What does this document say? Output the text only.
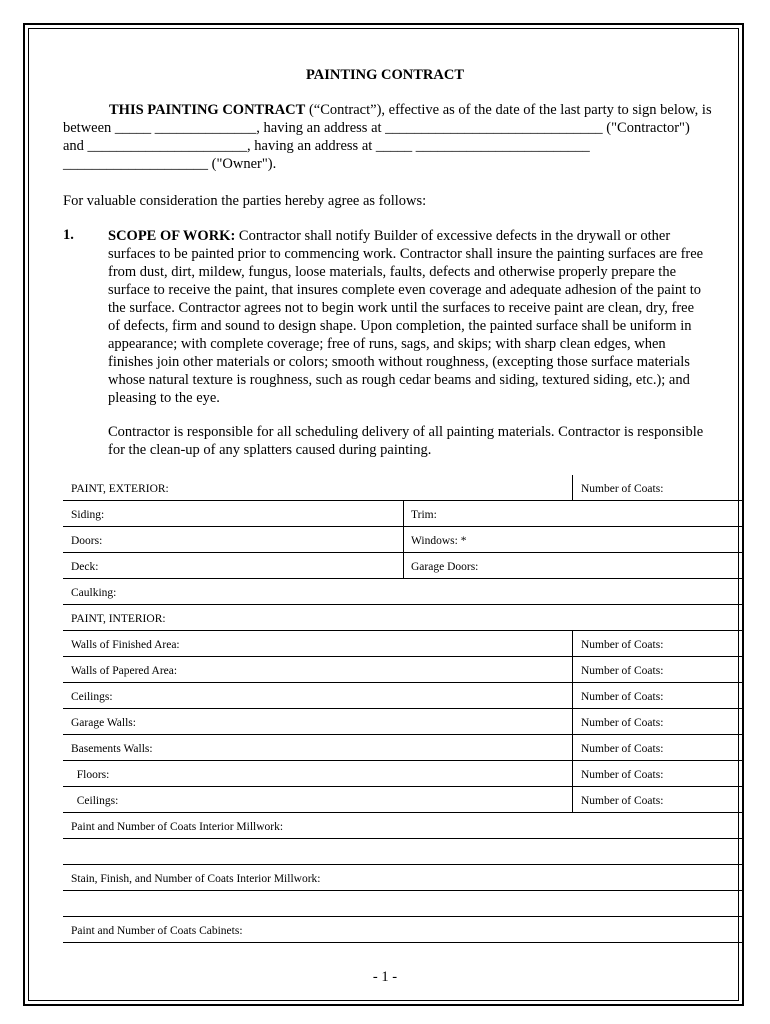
PAINTING CONTRACT
THIS PAINTING CONTRACT (“Contract”), effective as of the date of the last party to sign below, is between _____ ______________, having an address at ______________________________ ("Contractor") and ______________________, having an address at _____ ________________________ ____________________ ("Owner").
For valuable consideration the parties hereby agree as follows:
1. SCOPE OF WORK: Contractor shall notify Builder of excessive defects in the drywall or other surfaces to be painted prior to commencing work. Contractor shall insure the painting surfaces are free from dust, dirt, mildew, fungus, loose materials, faults, defects and otherwise properly prepare the surface to receive the paint, that insures complete even coverage and adequate adhesion of the paint to the surface. Contractor agrees not to begin work until the surfaces to receive paint are clean, dry, free of defects, firm and sound to design shape. Upon completion, the painted surface shall be uniform in appearance; with complete coverage; free of runs, sags, and skips; with sharp clean edges, when finishes join other materials or colors; smooth without roughness, (excepting those surface materials whose natural texture is roughness, such as rough cedar beams and siding, textured siding, etc.); and pleasing to the eye.
Contractor is responsible for all scheduling delivery of all painting materials. Contractor is responsible for the clean-up of any splatters caused during painting.
PAINT, EXTERIOR:	Number of Coats:
Siding:	Trim:
Doors:	Windows: *
Deck:	Garage Doors:
Caulking:
PAINT, INTERIOR:
Walls of Finished Area:	Number of Coats:
Walls of Papered Area:	Number of Coats:
Ceilings:	Number of Coats:
Garage Walls:	Number of Coats:
Basements Walls:	Number of Coats:
Floors:	Number of Coats:
Ceilings:	Number of Coats:
Paint and Number of Coats Interior Millwork:
Stain, Finish, and Number of Coats Interior Millwork:
Paint and Number of Coats Cabinets:
- 1 -
